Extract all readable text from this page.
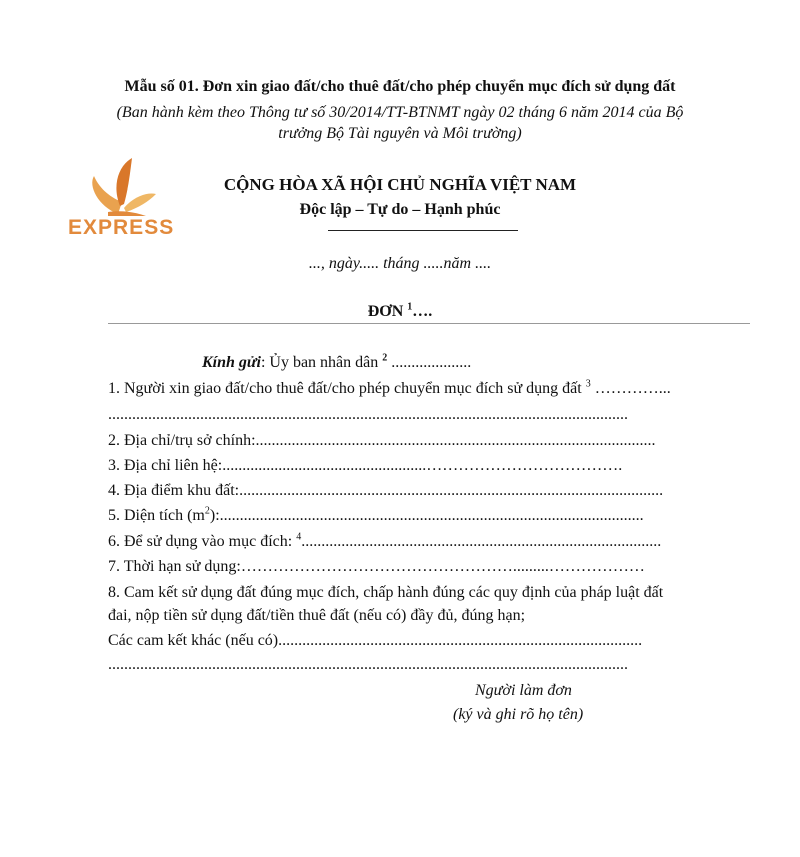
Mẫu số 01. Đơn xin giao đất/cho thuê đất/cho phép chuyển mục đích sử dụng đất
(Ban hành kèm theo Thông tư số 30/2014/TT-BTNMT ngày 02 tháng 6 năm 2014 của Bộ
trưởng Bộ Tài nguyên và Môi trường)
EXPRESS
CỘNG HÒA XÃ HỘI CHỦ NGHĨA VIỆT NAM
Độc lập – Tự do – Hạnh phúc
..., ngày..... tháng .....năm ....
ĐƠN $^1$….
Kính gửi: Ủy ban nhân dân $^2$ ....................
1. Người xin giao đất/cho thuê đất/cho phép chuyển mục đích sử dụng đất $^3$ …………...
..................................................................................................................................
2. Địa chỉ/trụ sở chính:....................................................................................................
3. Địa chỉ liên hệ:...................................................……………………………….
4. Địa điểm khu đất:..........................................................................................................
5. Diện tích $(m^2)$:..........................................................................................................
6. Để sử dụng vào mục đích: $^4$..........................................................................................
7. Thời hạn sử dụng:…………………………………………….........………………
8. Cam kết sử dụng đất đúng mục đích, chấp hành đúng các quy định của pháp luật đất
đai, nộp tiền sử dụng đất/tiền thuê đất (nếu có) đầy đủ, đúng hạn;
Các cam kết khác (nếu có)...........................................................................................
..................................................................................................................................
Người làm đơn
(ký và ghi rõ họ tên)
